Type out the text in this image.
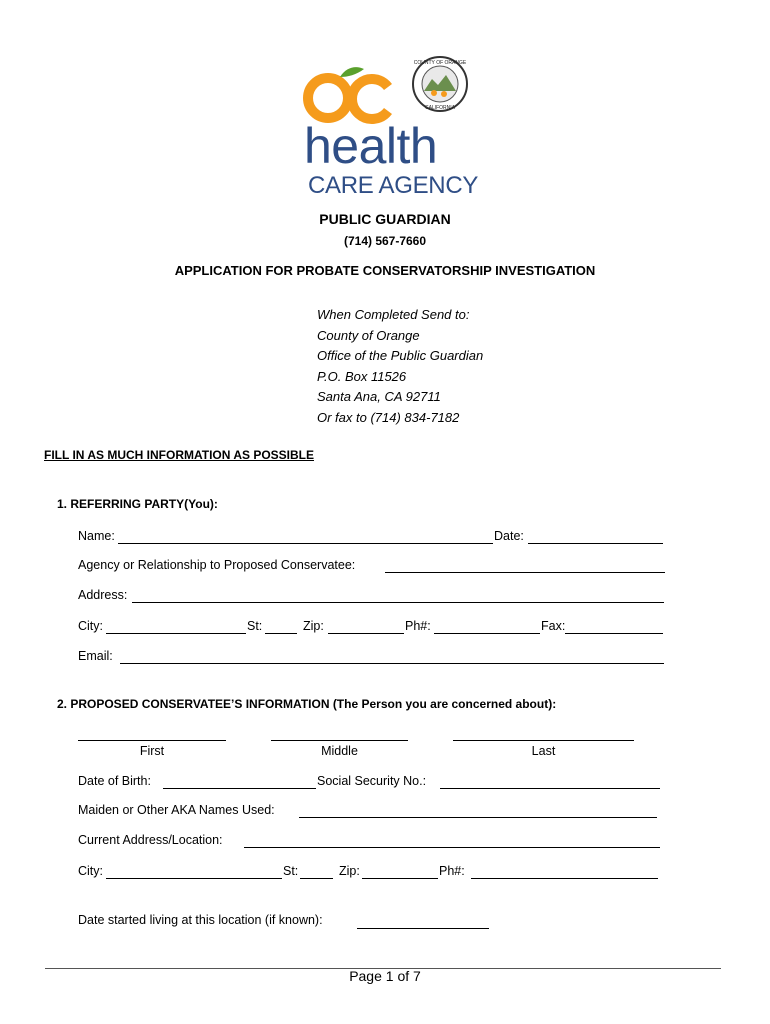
health
CARE AGENCY
COUNTY OF ORANGE
CALIFORNIA
PUBLIC GUARDIAN
(714) 567-7660
APPLICATION FOR PROBATE CONSERVATORSHIP INVESTIGATION
When Completed Send to:
County of Orange
Office of the Public Guardian
P.O. Box 11526
Santa Ana, CA 92711
Or fax to (714) 834-7182
FILL IN AS MUCH INFORMATION AS POSSIBLE
1. REFERRING PARTY(You):
Name:	Date:
Agency or Relationship to Proposed Conservatee:
Address:
City:	St:	Zip:	Ph#:	Fax:
Email:
2. PROPOSED CONSERVATEE’S INFORMATION (The Person you are concerned about):
First	Middle	Last
Date of Birth:	Social Security No.:
Maiden or Other AKA Names Used:
Current Address/Location:
City:	St:	Zip:	Ph#:
Date started living at this location (if known):
Page 1 of 7
